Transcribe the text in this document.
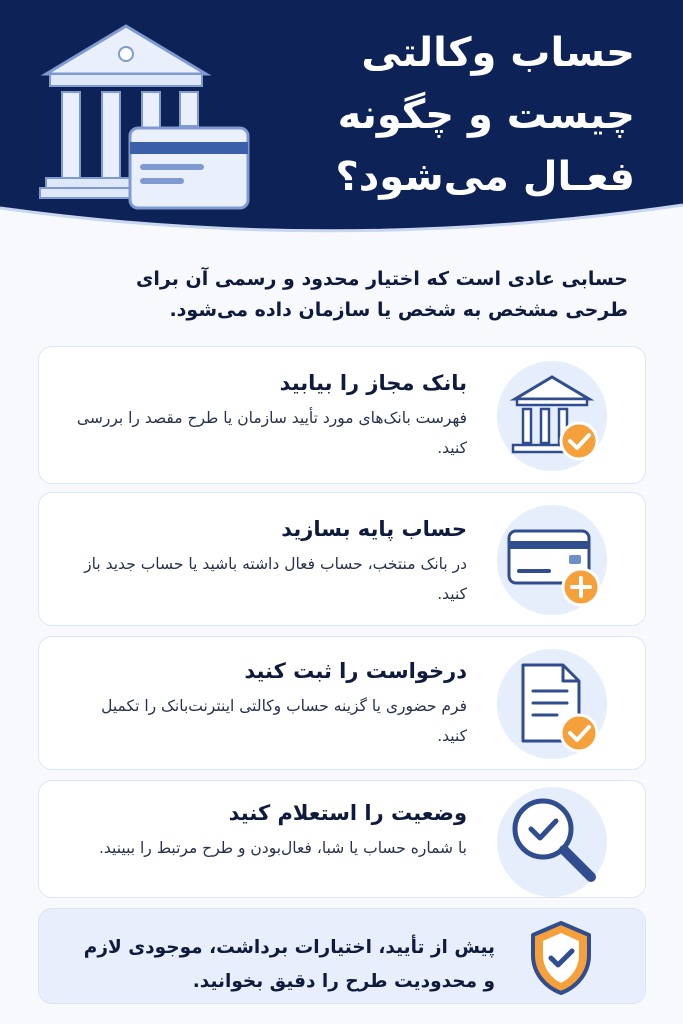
حساب وکالتی
چیست و چگونه
فعـال می‌شود؟
حسابی عادی است که اختیار محدود و رسمی آن برای طرحی مشخص به شخص یا سازمان داده می‌شود.
بانک مجاز را بیابید
فهرست بانک‌های مورد تأیید سازمان یا طرح مقصد را بررسی کنید.
حساب پایه بسازید
در بانک منتخب، حساب فعال داشته باشید یا حساب جدید باز کنید.
درخواست را ثبت کنید
فرم حضوری یا گزینه حساب وکالتی اینترنت‌بانک را تکمیل کنید.
وضعیت را استعلام کنید
با شماره حساب یا شبا، فعال‌بودن و طرح مرتبط را ببینید.
پیش از تأیید، اختیارات برداشت، موجودی لازم و محدودیت طرح را دقیق بخوانید.
